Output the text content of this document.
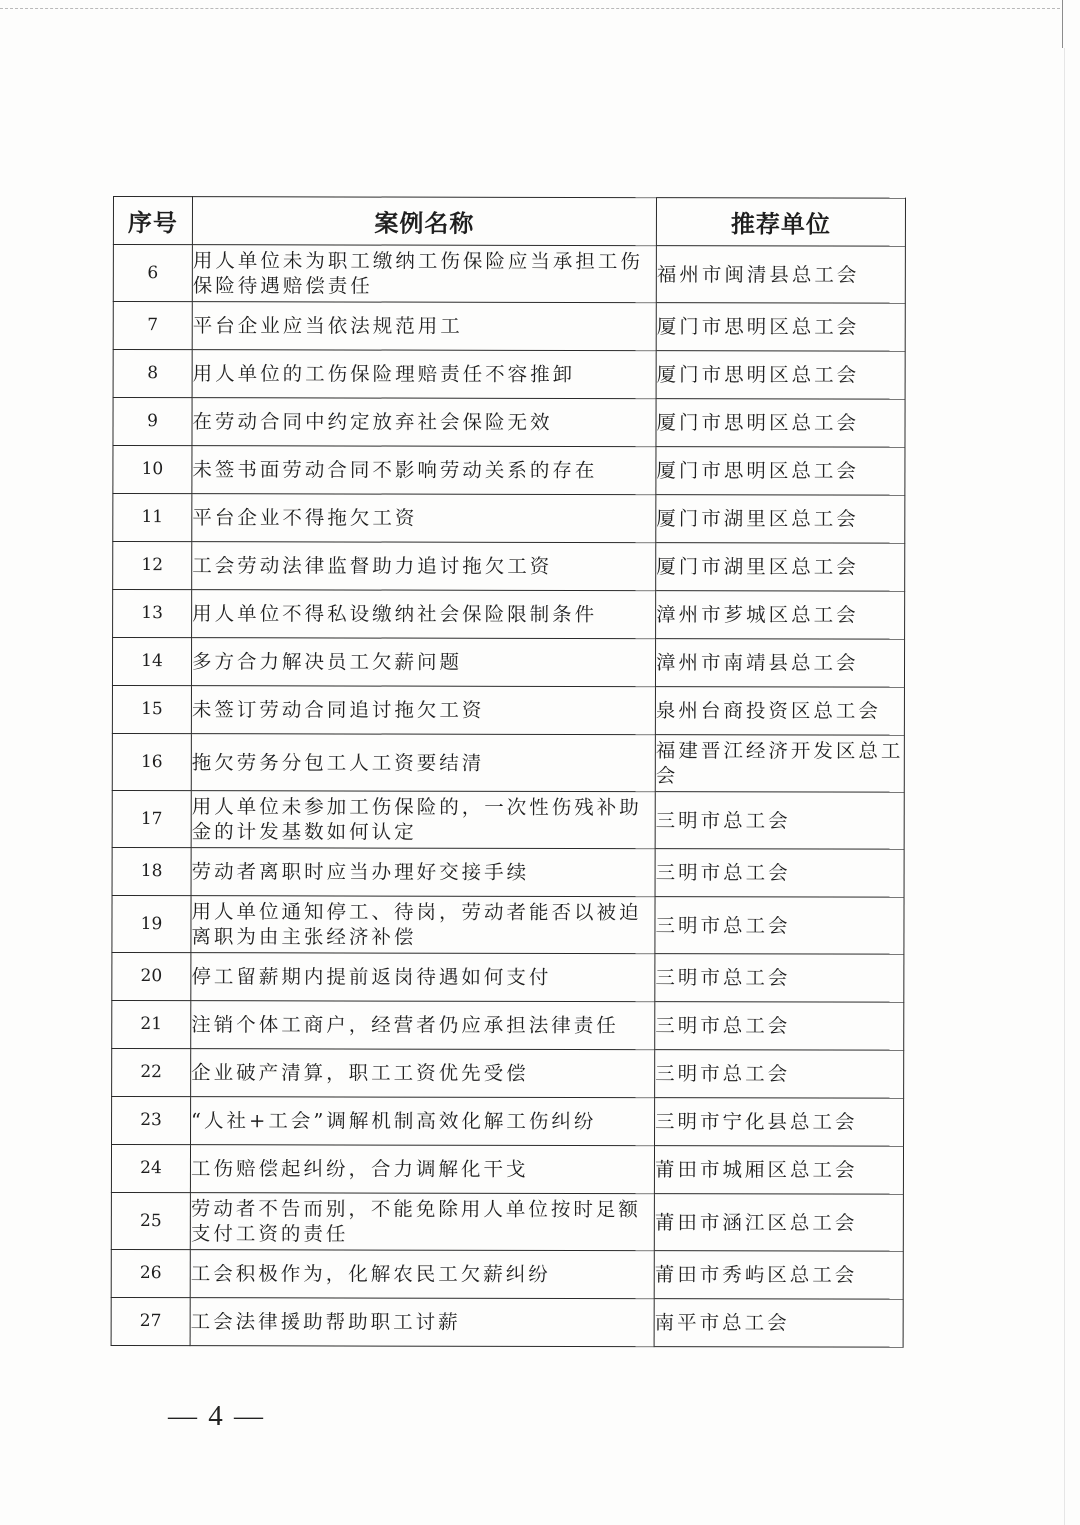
序号	案例名称	推荐单位
6	用人单位未为职工缴纳工伤保险应当承担工伤保险待遇赔偿责任	福州市闽清县总工会
7	平台企业应当依法规范用工	厦门市思明区总工会
8	用人单位的工伤保险理赔责任不容推卸	厦门市思明区总工会
9	在劳动合同中约定放弃社会保险无效	厦门市思明区总工会
10	未签书面劳动合同不影响劳动关系的存在	厦门市思明区总工会
11	平台企业不得拖欠工资	厦门市湖里区总工会
12	工会劳动法律监督助力追讨拖欠工资	厦门市湖里区总工会
13	用人单位不得私设缴纳社会保险限制条件	漳州市芗城区总工会
14	多方合力解决员工欠薪问题	漳州市南靖县总工会
15	未签订劳动合同追讨拖欠工资	泉州台商投资区总工会
16	拖欠劳务分包工人工资要结清	福建晋江经济开发区总工会
17	用人单位未参加工伤保险的，一次性伤残补助金的计发基数如何认定	三明市总工会
18	劳动者离职时应当办理好交接手续	三明市总工会
19	用人单位通知停工、待岗，劳动者能否以被迫离职为由主张经济补偿	三明市总工会
20	停工留薪期内提前返岗待遇如何支付	三明市总工会
21	注销个体工商户，经营者仍应承担法律责任	三明市总工会
22	企业破产清算，职工工资优先受偿	三明市总工会
23	“人社+工会”调解机制高效化解工伤纠纷	三明市宁化县总工会
24	工伤赔偿起纠纷，合力调解化干戈	莆田市城厢区总工会
25	劳动者不告而别，不能免除用人单位按时足额支付工资的责任	莆田市涵江区总工会
26	工会积极作为，化解农民工欠薪纠纷	莆田市秀屿区总工会
27	工会法律援助帮助职工讨薪	南平市总工会
— 4 —
